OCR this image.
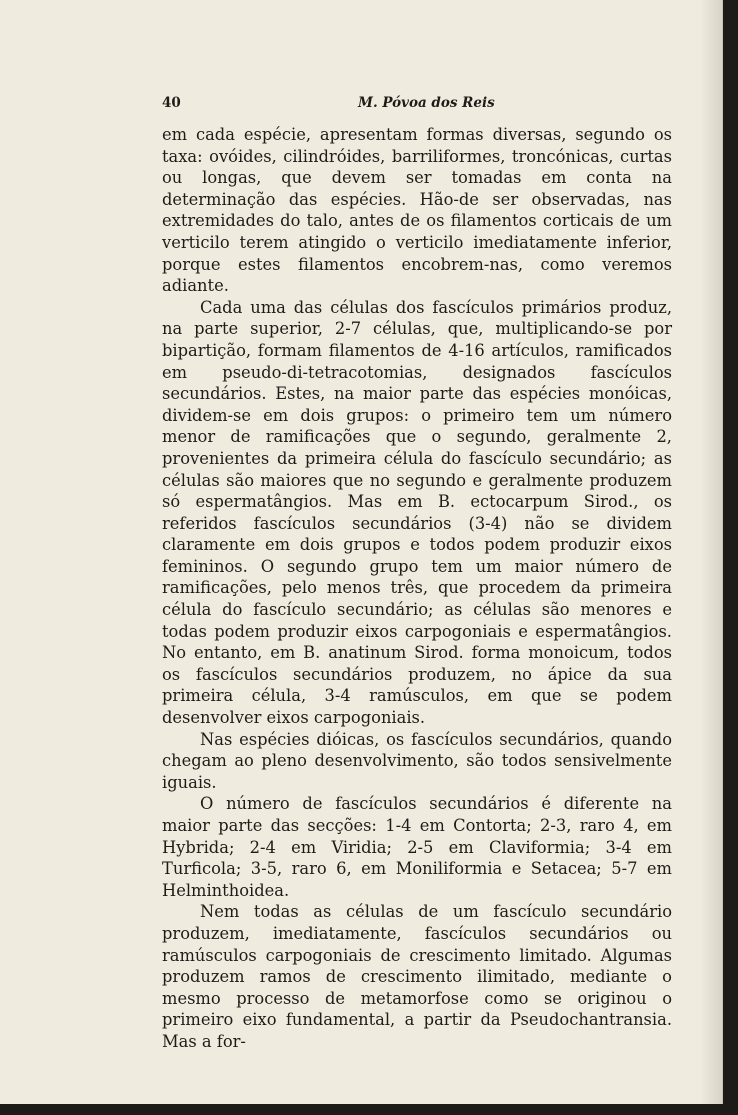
40	M. Póvoa dos Reis

em cada espécie, apresentam formas diversas, segundo os taxa: ovóides, cilindróides, barriliformes, troncónicas, curtas ou longas, que devem ser tomadas em conta na determinação das espécies. Hão-de ser observadas, nas extremidades do talo, antes de os filamentos corticais de um verticilo terem atingido o verticilo imediatamente inferior, porque estes filamentos encobrem-nas, como veremos adiante.

Cada uma das células dos fascículos primários produz, na parte superior, 2-7 células, que, multiplicando-se por bipartição, formam filamentos de 4-16 artículos, ramificados em pseudo-di-tetracotomias, designados fascículos secundários. Estes, na maior parte das espécies monóicas, dividem-se em dois grupos: o primeiro tem um número menor de ramificações que o segundo, geralmente 2, provenientes da primeira célula do fascículo secundário; as células são maiores que no segundo e geralmente produzem só espermatângios. Mas em B. ectocarpum Sirod., os referidos fascículos secundários (3-4) não se dividem claramente em dois grupos e todos podem produzir eixos femininos. O segundo grupo tem um maior número de ramificações, pelo menos três, que procedem da primeira célula do fascículo secundário; as células são menores e todas podem produzir eixos carpogoniais e espermatângios. No entanto, em B. anatinum Sirod. forma monoicum, todos os fascículos secundários produzem, no ápice da sua primeira célula, 3-4 ramúsculos, em que se podem desenvolver eixos carpogoniais.

Nas espécies dióicas, os fascículos secundários, quando chegam ao pleno desenvolvimento, são todos sensivelmente iguais.

O número de fascículos secundários é diferente na maior parte das secções: 1-4 em Contorta; 2-3, raro 4, em Hybrida; 2-4 em Viridia; 2-5 em Claviformia; 3-4 em Turficola; 3-5, raro 6, em Moniliformia e Setacea; 5-7 em Helminthoidea.

Nem todas as células de um fascículo secundário produzem, imediatamente, fascículos secundários ou ramúsculos carpogoniais de crescimento limitado. Algumas produzem ramos de crescimento ilimitado, mediante o mesmo processo de metamorfose como se originou o primeiro eixo fundamental, a partir da Pseudochantransia. Mas a for-
